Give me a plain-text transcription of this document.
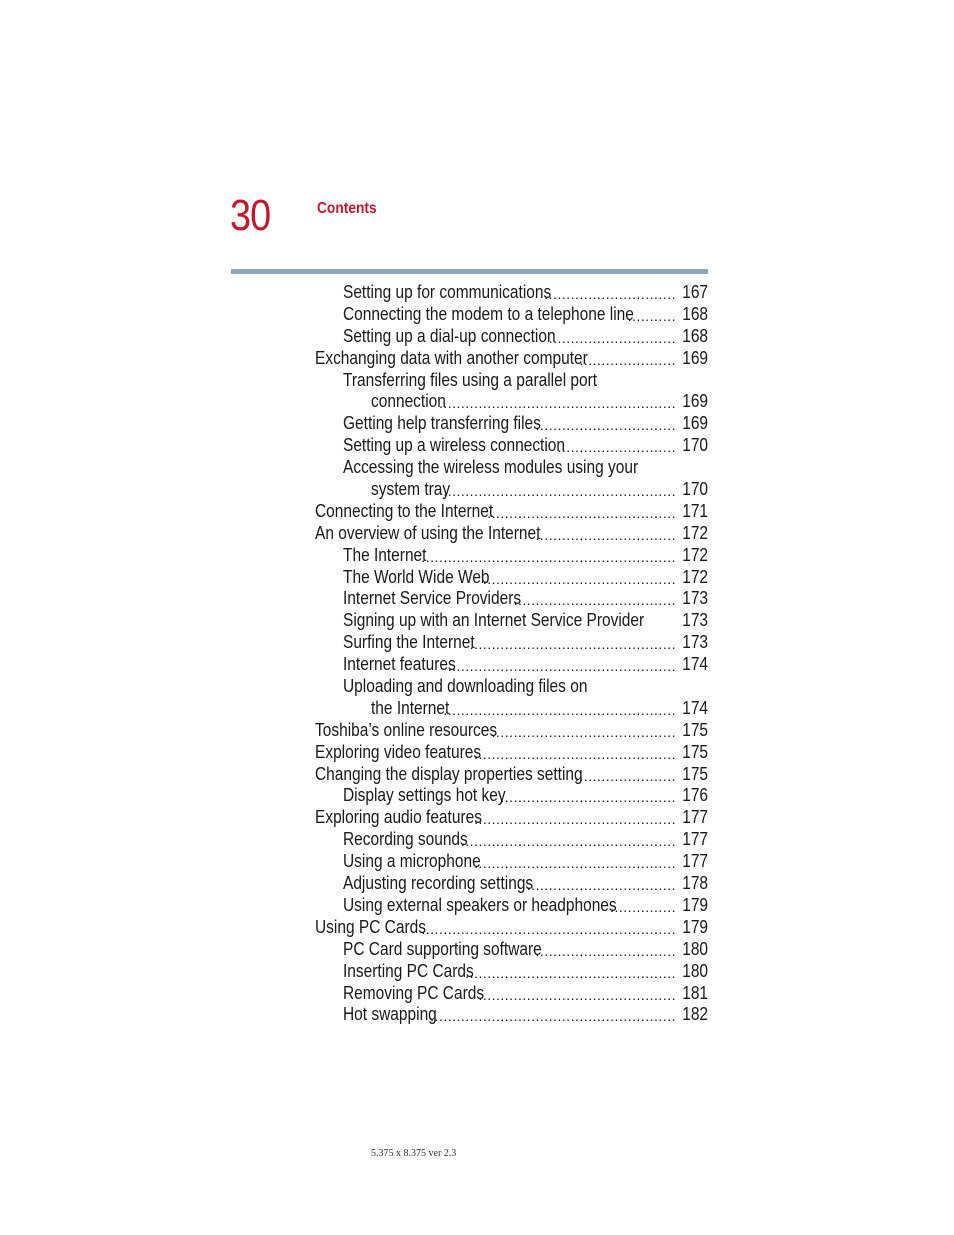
30	Contents
Setting up for communications	167
..............................
Connecting the modem to a telephone line	168
...........
Setting up a dial-up connection	168
.............................
Exchanging data with another computer	169
......................
Transferring files using a parallel port
connection	169
......................................................
Getting help transferring files	169
................................
Setting up a wireless connection	170
...........................
Accessing the wireless modules using your
system tray	170
.....................................................
Connecting to the Internet	171
...........................................
An overview of using the Internet	172
................................
The Internet	172
..........................................................
The World Wide Web	172
............................................
Internet Service Providers	173
.....................................
Signing up with an Internet Service Provider 173
Surfing the Internet	173
...............................................
Internet features	174
....................................................
Uploading and downloading files on
the Internet	174
.....................................................
Toshiba’s online resources	175
..........................................
Exploring video features	175
..............................................
Changing the display properties setting	175
.......................
Display settings hot key	176
........................................
Exploring audio features	177
..............................................
Recording sounds	177
.................................................
Using a microphone	177
..............................................
Adjusting recording settings	178
..................................
Using external speakers or headphones	179
...............
Using PC Cards	179
..........................................................
PC Card supporting software	180
................................
Inserting PC Cards	180
................................................
Removing PC Cards	181
.............................................
Hot swapping	182
........................................................
5.375 x 8.375 ver 2.3
